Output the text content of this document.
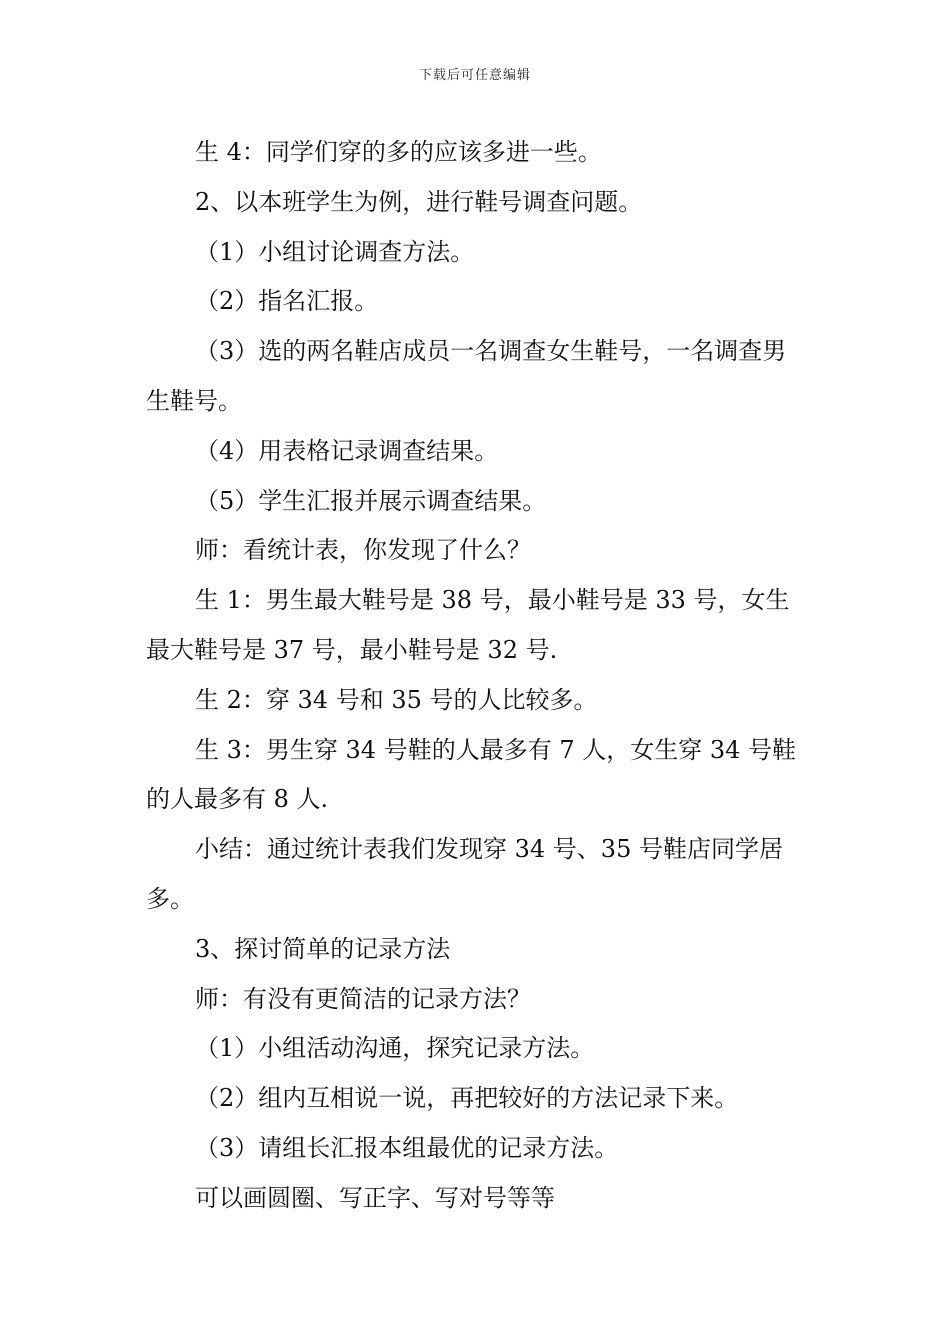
下载后可任意编辑

生 4：同学们穿的多的应该多进一些。

2、以本班学生为例，进行鞋号调查问题。

（1）小组讨论调查方法。

（2）指名汇报。

（3）选的两名鞋店成员一名调查女生鞋号，一名调查男生鞋号。

（4）用表格记录调查结果。

（5）学生汇报并展示调查结果。

师：看统计表，你发现了什么？

生 1：男生最大鞋号是 38 号，最小鞋号是 33 号，女生最大鞋号是 37 号，最小鞋号是 32 号.

生 2：穿 34 号和 35 号的人比较多。

生 3：男生穿 34 号鞋的人最多有 7 人，女生穿 34 号鞋的人最多有 8 人.

小结：通过统计表我们发现穿 34 号、35 号鞋店同学居多。

3、探讨简单的记录方法

师：有没有更简洁的记录方法？

（1）小组活动沟通，探究记录方法。

（2）组内互相说一说，再把较好的方法记录下来。

（3）请组长汇报本组最优的记录方法。

可以画圆圈、写正字、写对号等等
